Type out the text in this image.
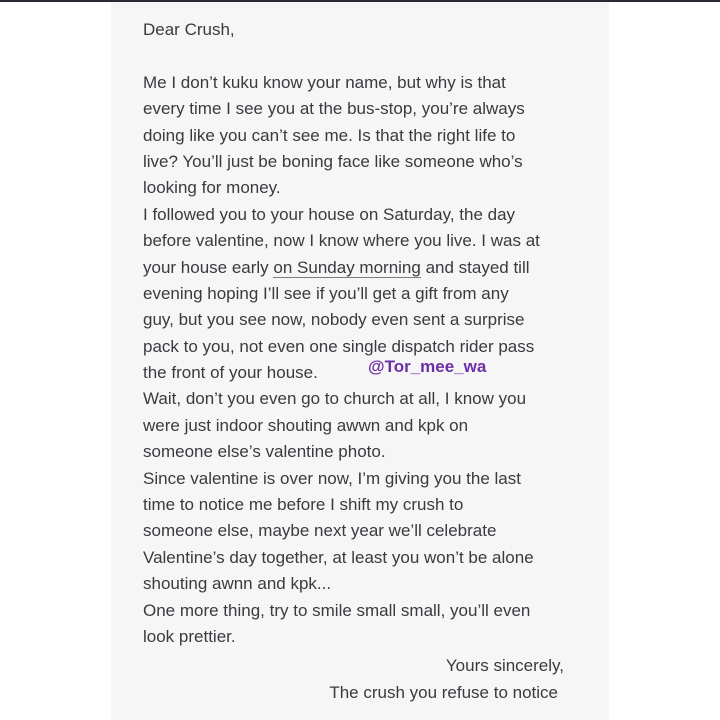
Dear Crush,
Me I don’t kuku know your name, but why is that
every time I see you at the bus-stop, you’re always
doing like you can’t see me. Is that the right life to
live? You’ll just be boning face like someone who’s
looking for money.
I followed you to your house on Saturday, the day
before valentine, now I know where you live. I was at
your house early on Sunday morning and stayed till
evening hoping I’ll see if you’ll get a gift from any
guy, but you see now, nobody even sent a surprise
pack to you, not even one single dispatch rider pass
the front of your house.
Wait, don’t you even go to church at all, I know you
were just indoor shouting awwn and kpk on
someone else’s valentine photo.
Since valentine is over now, I’m giving you the last
time to notice me before I shift my crush to
someone else, maybe next year we’ll celebrate
Valentine’s day together, at least you won’t be alone
shouting awnn and kpk...
One more thing, try to smile small small, you’ll even
look prettier.
@Tor_mee_wa
Yours sincerely,
The crush you refuse to notice
